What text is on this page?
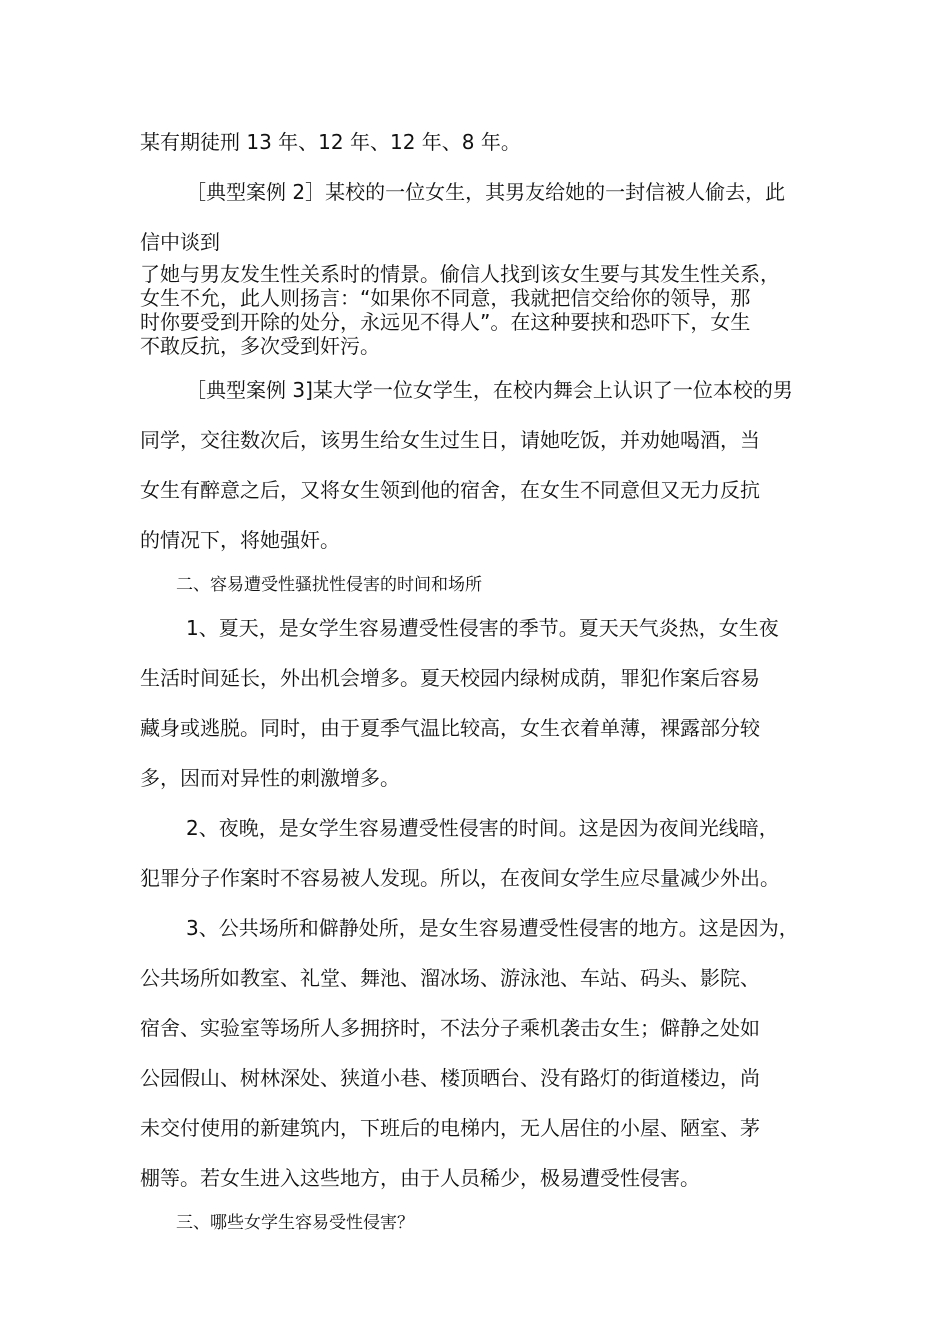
某有期徒刑 13 年、12 年、12 年、8 年。

［典型案例 2］某校的一位女生，其男友给她的一封信被人偷去，此

信中谈到

了她与男友发生性关系时的情景。偷信人找到该女生要与其发生性关系，

女生不允，此人则扬言：“如果你不同意，我就把信交给你的领导，那

时你要受到开除的处分，永远见不得人”。在这种要挟和恐吓下，女生

不敢反抗，多次受到奸污。

［典型案例 3]某大学一位女学生，在校内舞会上认识了一位本校的男

同学，交往数次后，该男生给女生过生日，请她吃饭，并劝她喝酒，当

女生有醉意之后，又将女生领到他的宿舍，在女生不同意但又无力反抗

的情况下，将她强奸。

二、容易遭受性骚扰性侵害的时间和场所

1、夏天，是女学生容易遭受性侵害的季节。夏天天气炎热，女生夜

生活时间延长，外出机会增多。夏天校园内绿树成荫，罪犯作案后容易

藏身或逃脱。同时，由于夏季气温比较高，女生衣着单薄，裸露部分较

多，因而对异性的刺激增多。

2、夜晚，是女学生容易遭受性侵害的时间。这是因为夜间光线暗，

犯罪分子作案时不容易被人发现。所以，在夜间女学生应尽量减少外出。

3、公共场所和僻静处所，是女生容易遭受性侵害的地方。这是因为，

公共场所如教室、礼堂、舞池、溜冰场、游泳池、车站、码头、影院、

宿舍、实验室等场所人多拥挤时，不法分子乘机袭击女生；僻静之处如

公园假山、树林深处、狭道小巷、楼顶晒台、没有路灯的街道楼边，尚

未交付使用的新建筑内，下班后的电梯内，无人居住的小屋、陋室、茅

棚等。若女生进入这些地方，由于人员稀少，极易遭受性侵害。

三、哪些女学生容易受性侵害？
